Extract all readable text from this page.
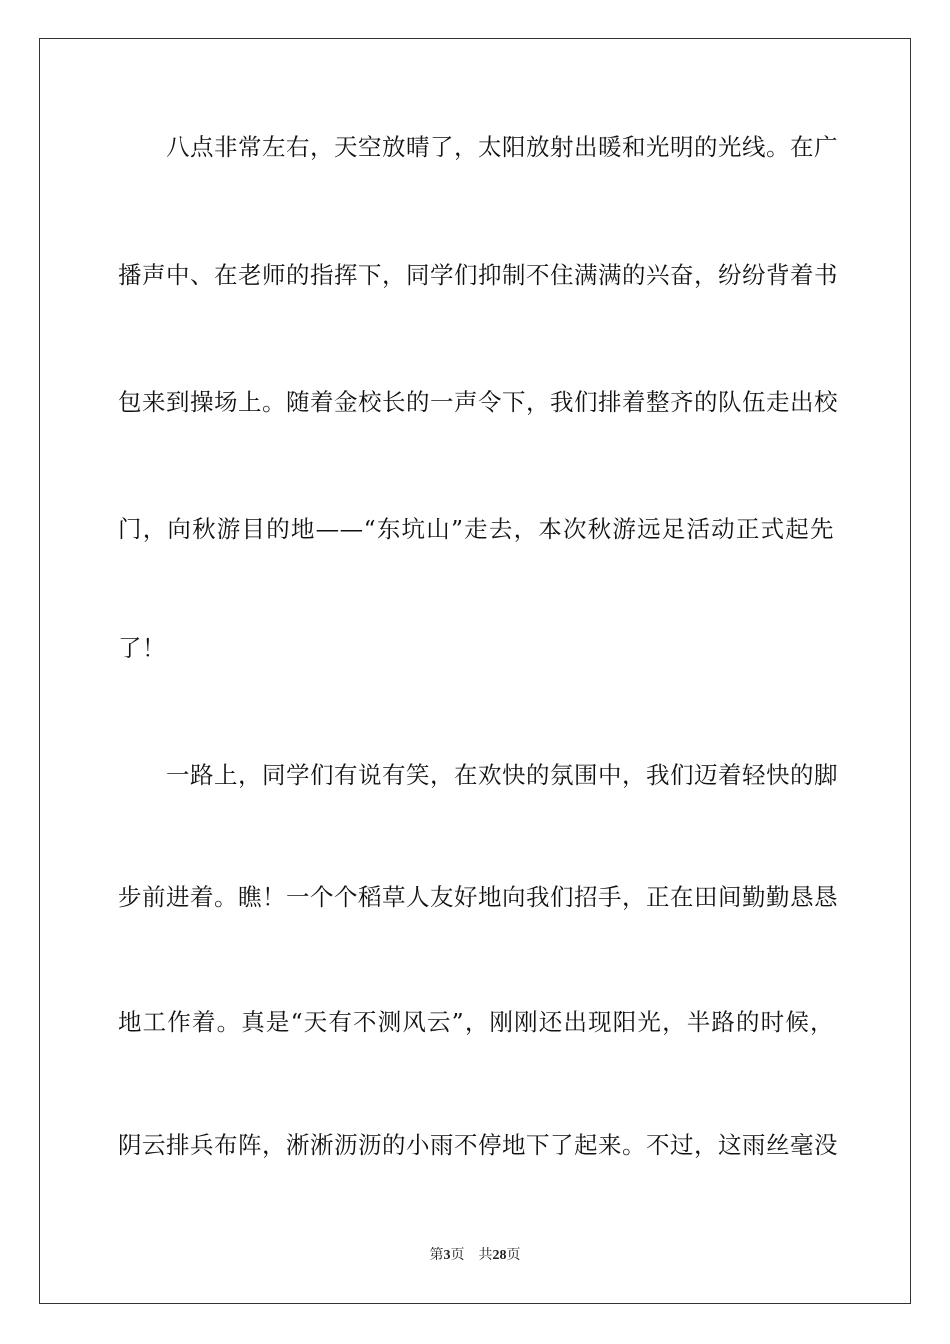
八点非常左右，天空放晴了，太阳放射出暖和光明的光线。在广
播声中、在老师的指挥下，同学们抑制不住满满的兴奋，纷纷背着书
包来到操场上。随着金校长的一声令下，我们排着整齐的队伍走出校
门，向秋游目的地——“东坑山”走去，本次秋游远足活动正式起先
了！
一路上，同学们有说有笑，在欢快的氛围中，我们迈着轻快的脚
步前进着。瞧！一个个稻草人友好地向我们招手，正在田间勤勤恳恳
地工作着。真是“天有不测风云”，刚刚还出现阳光，半路的时候，
阴云排兵布阵，淅淅沥沥的小雨不停地下了起来。不过，这雨丝毫没
第3页 共28页
